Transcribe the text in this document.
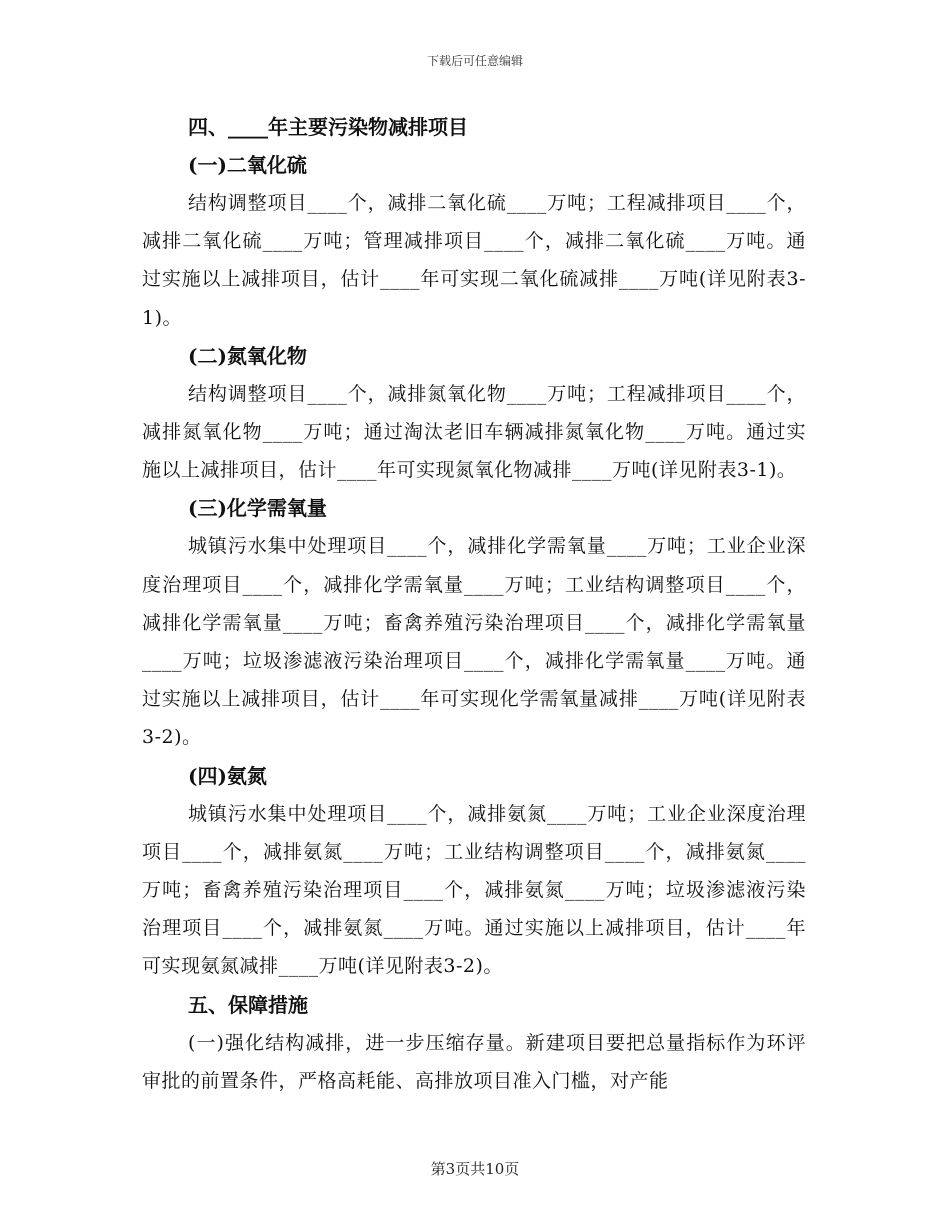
下载后可任意编辑

四、____年主要污染物减排项目

(一)二氧化硫

结构调整项目____个，减排二氧化硫____万吨；工程减排项目____个，减排二氧化硫____万吨；管理减排项目____个，减排二氧化硫____万吨。通过实施以上减排项目，估计____年可实现二氧化硫减排____万吨(详见附表3-1)。

(二)氮氧化物

结构调整项目____个，减排氮氧化物____万吨；工程减排项目____个，减排氮氧化物____万吨；通过淘汰老旧车辆减排氮氧化物____万吨。通过实施以上减排项目，估计____年可实现氮氧化物减排____万吨(详见附表3-1)。

(三)化学需氧量

城镇污水集中处理项目____个，减排化学需氧量____万吨；工业企业深度治理项目____个，减排化学需氧量____万吨；工业结构调整项目____个，减排化学需氧量____万吨；畜禽养殖污染治理项目____个，减排化学需氧量____万吨；垃圾渗滤液污染治理项目____个，减排化学需氧量____万吨。通过实施以上减排项目，估计____年可实现化学需氧量减排____万吨(详见附表3-2)。

(四)氨氮

城镇污水集中处理项目____个，减排氨氮____万吨；工业企业深度治理项目____个，减排氨氮____万吨；工业结构调整项目____个，减排氨氮____万吨；畜禽养殖污染治理项目____个，减排氨氮____万吨；垃圾渗滤液污染治理项目____个，减排氨氮____万吨。通过实施以上减排项目，估计____年可实现氨氮减排____万吨(详见附表3-2)。

五、保障措施

(一)强化结构减排，进一步压缩存量。新建项目要把总量指标作为环评审批的前置条件，严格高耗能、高排放项目准入门槛，对产能

第3页共10页
